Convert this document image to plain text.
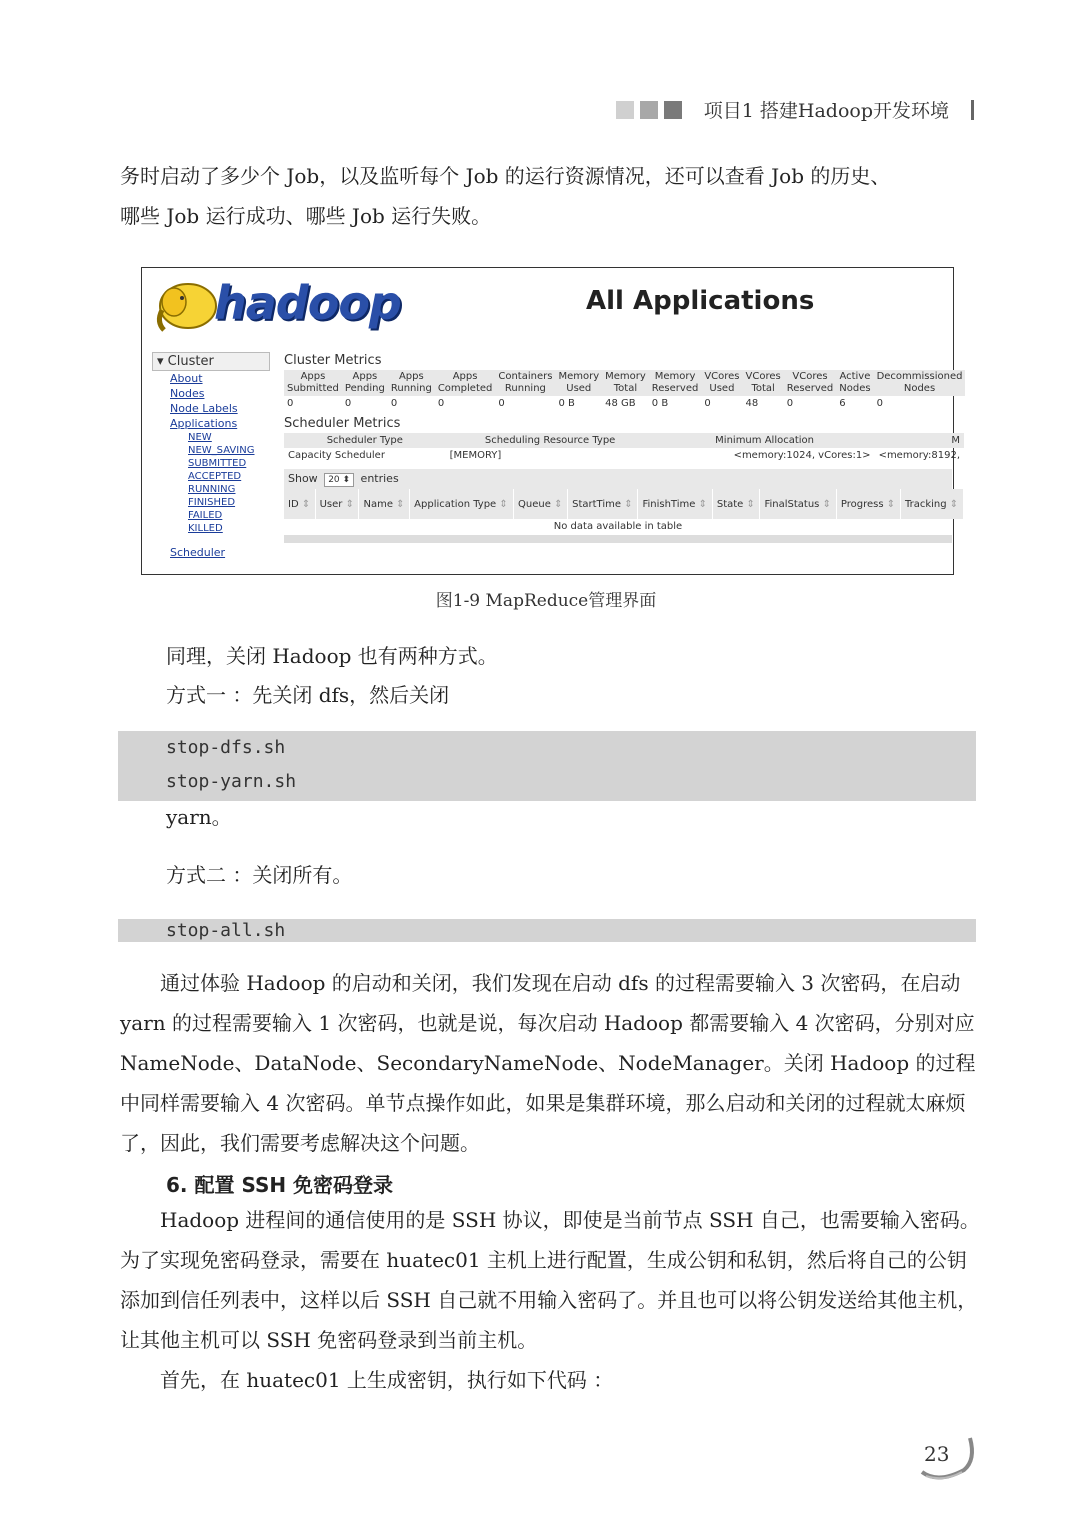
项目1 搭建Hadoop开发环境
务时启动了多少个 Job，以及监听每个 Job 的运行资源情况，还可以查看 Job 的历史、
哪些 Job 运行成功、哪些 Job 运行失败。
hadoop	All Applications
▾ Cluster
About
Nodes
Node Labels
Applications
NEW
NEW_SAVING
SUBMITTED
ACCEPTED
RUNNING
FINISHED
FAILED
KILLED
Scheduler
Cluster Metrics
Apps Submitted	Apps Pending	Apps Running	Apps Completed	Containers Running	Memory Used	Memory Total	Memory Reserved	VCores Used	VCores Total	VCores Reserved	Active Nodes	Decommissioned Nodes
0	0	0	0	0	0 B	48 GB	0 B	0	48	0	6	0
Scheduler Metrics
Scheduler Type	Scheduling Resource Type	Minimum Allocation	M
Capacity Scheduler	[MEMORY]	<memory:1024, vCores:1>	<memory:8192,
Show 20 ⬍ entries
ID ⇕	User ⇕	Name ⇕	Application Type ⇕	Queue ⇕	StartTime ⇕	FinishTime ⇕	State ⇕	FinalStatus ⇕	Progress ⇕	Tracking ⇕
No data available in table
图1-9 MapReduce管理界面
同理，关闭 Hadoop 也有两种方式。
方式一 ：先关闭 dfs，然后关闭
stop-dfs.sh
stop-yarn.sh
yarn。
方式二 ：关闭所有。
stop-all.sh
通过体验 Hadoop 的启动和关闭，我们发现在启动 dfs 的过程需要输入 3 次密码，在启动 yarn 的过程需要输入 1 次密码，也就是说，每次启动 Hadoop 都需要输入 4 次密码，分别对应 NameNode、DataNode、SecondaryNameNode、NodeManager。关闭 Hadoop 的过程中同样需要输入 4 次密码。单节点操作如此，如果是集群环境，那么启动和关闭的过程就太麻烦了，因此，我们需要考虑解决这个问题。
6. 配置 SSH 免密码登录
Hadoop 进程间的通信使用的是 SSH 协议，即使是当前节点 SSH 自己，也需要输入密码。为了实现免密码登录，需要在 huatec01 主机上进行配置，生成公钥和私钥，然后将自己的公钥添加到信任列表中，这样以后 SSH 自己就不用输入密码了。并且也可以将公钥发送给其他主机，让其他主机可以 SSH 免密码登录到当前主机。
首先，在 huatec01 上生成密钥，执行如下代码 ：
23
